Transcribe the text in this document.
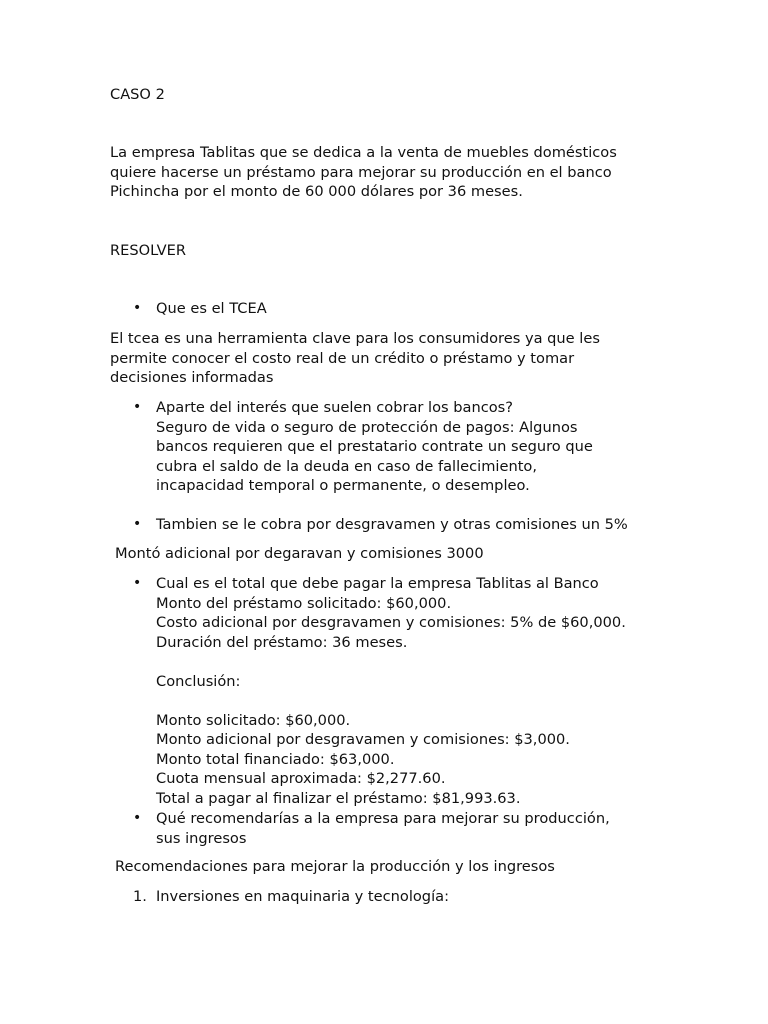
CASO 2

La empresa Tablitas que se dedica a la venta de muebles domésticos
quiere hacerse un préstamo para mejorar su producción en el banco
Pichincha por el monto de 60 000 dólares por 36 meses.

RESOLVER

•	Que es el TCEA

El tcea es una herramienta clave para los consumidores ya que les
permite conocer el costo real de un crédito o préstamo y tomar
decisiones informadas

•	Aparte del interés que suelen cobrar los bancos?
Seguro de vida o seguro de protección de pagos: Algunos
bancos requieren que el prestatario contrate un seguro que
cubra el saldo de la deuda en caso de fallecimiento,
incapacidad temporal o permanente, o desempleo.

•	Tambien se le cobra por desgravamen y otras comisiones un 5%

Montó adicional por degaravan y comisiones 3000

•	Cual es el total que debe pagar la empresa Tablitas al Banco
Monto del préstamo solicitado: $60,000.
Costo adicional por desgravamen y comisiones: 5% de $60,000.
Duración del préstamo: 36 meses.
Conclusión:
Monto solicitado: $60,000.
Monto adicional por desgravamen y comisiones: $3,000.
Monto total financiado: $63,000.
Cuota mensual aproximada: $2,277.60.
Total a pagar al finalizar el préstamo: $81,993.63.

•	Qué recomendarías a la empresa para mejorar su producción,
sus ingresos

Recomendaciones para mejorar la producción y los ingresos

1. Inversiones en maquinaria y tecnología:
